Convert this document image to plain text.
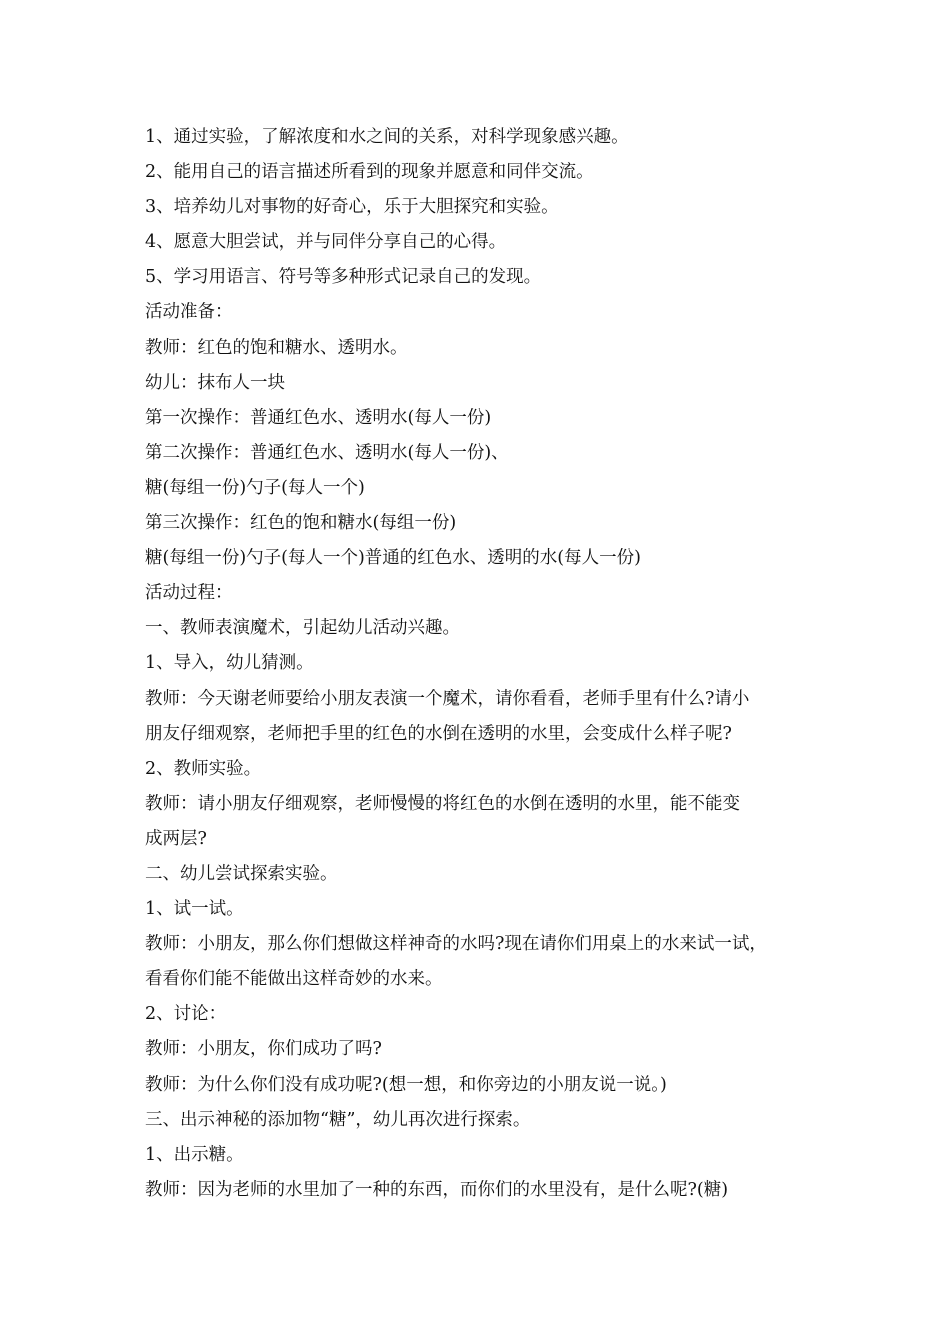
1、通过实验，了解浓度和水之间的关系，对科学现象感兴趣。
2、能用自己的语言描述所看到的现象并愿意和同伴交流。
3、培养幼儿对事物的好奇心，乐于大胆探究和实验。
4、愿意大胆尝试，并与同伴分享自己的心得。
5、学习用语言、符号等多种形式记录自己的发现。
活动准备：
教师：红色的饱和糖水、透明水。
幼儿：抹布人一块
第一次操作：普通红色水、透明水(每人一份)
第二次操作：普通红色水、透明水(每人一份)、
糖(每组一份)勺子(每人一个)
第三次操作：红色的饱和糖水(每组一份)
糖(每组一份)勺子(每人一个)普通的红色水、透明的水(每人一份)
活动过程：
一、教师表演魔术，引起幼儿活动兴趣。
1、导入，幼儿猜测。
教师：今天谢老师要给小朋友表演一个魔术，请你看看，老师手里有什么?请小
朋友仔细观察，老师把手里的红色的水倒在透明的水里，会变成什么样子呢?
2、教师实验。
教师：请小朋友仔细观察，老师慢慢的将红色的水倒在透明的水里，能不能变
成两层?
二、幼儿尝试探索实验。
1、试一试。
教师：小朋友，那么你们想做这样神奇的水吗?现在请你们用桌上的水来试一试，
看看你们能不能做出这样奇妙的水来。
2、讨论：
教师：小朋友，你们成功了吗?
教师：为什么你们没有成功呢?(想一想，和你旁边的小朋友说一说。)
三、出示神秘的添加物“糖”，幼儿再次进行探索。
1、出示糖。
教师：因为老师的水里加了一种的东西，而你们的水里没有，是什么呢?(糖)
